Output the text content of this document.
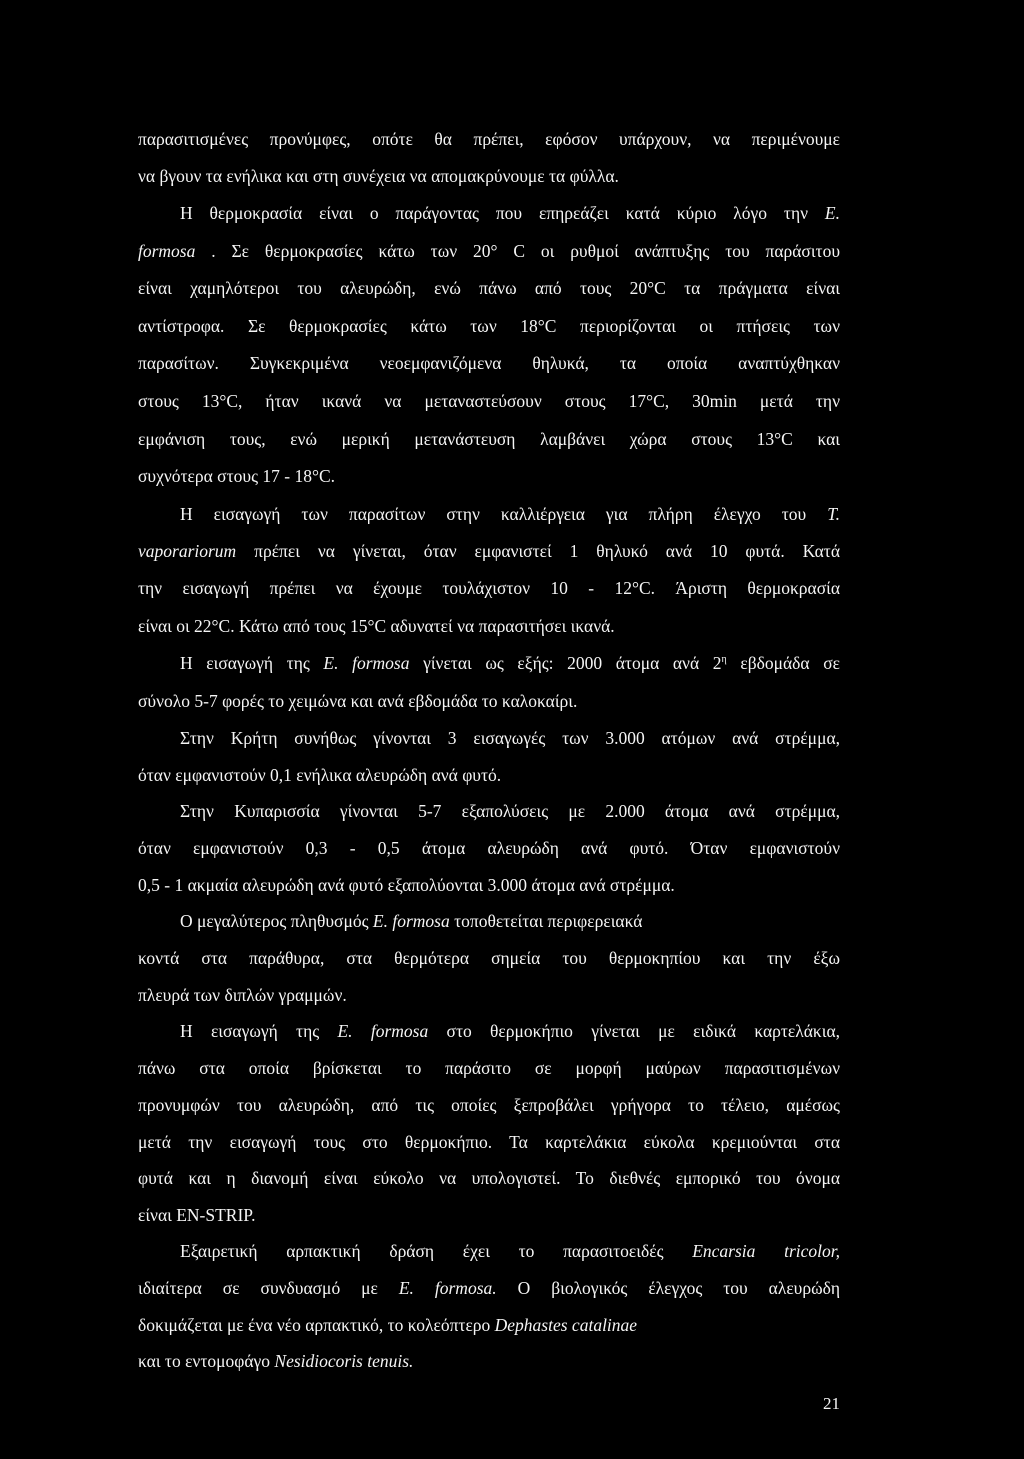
παρασιτισμένες προνύμφες, οπότε θα πρέπει, εφόσον υπάρχουν, να περιμένουμε
να βγουν τα ενήλικα και στη συνέχεια να απομακρύνουμε τα φύλλα.
Η θερμοκρασία είναι ο παράγοντας που επηρεάζει κατά κύριο λόγο την E.
formosa . Σε θερμοκρασίες κάτω των 20° C οι ρυθμοί ανάπτυξης του παράσιτου
είναι χαμηλότεροι του αλευρώδη, ενώ πάνω από τους 20°C τα πράγματα είναι
αντίστροφα. Σε θερμοκρασίες κάτω των 18°C περιορίζονται οι πτήσεις των
παρασίτων. Συγκεκριμένα νεοεμφανιζόμενα θηλυκά, τα οποία αναπτύχθηκαν
στους 13°C, ήταν ικανά να μεταναστεύσουν στους 17°C, 30min μετά την
εμφάνιση τους, ενώ μερική μετανάστευση λαμβάνει χώρα στους 13°C και
συχνότερα στους 17 - 18°C.
Η εισαγωγή των παρασίτων στην καλλιέργεια για πλήρη έλεγχο του T.
vaporariorum πρέπει να γίνεται, όταν εμφανιστεί 1 θηλυκό ανά 10 φυτά. Κατά
την εισαγωγή πρέπει να έχουμε τουλάχιστον 10 - 12°C. Άριστη θερμοκρασία
είναι οι 22°C. Κάτω από τους 15°C αδυνατεί να παρασιτήσει ικανά.
Η εισαγωγή της E. formosa γίνεται ως εξής: 2000 άτομα ανά $2^\eta$ εβδομάδα σε
σύνολο 5-7 φορές το χειμώνα και ανά εβδομάδα το καλοκαίρι.
Στην Κρήτη συνήθως γίνονται 3 εισαγωγές των 3.000 ατόμων ανά στρέμμα,
όταν εμφανιστούν 0,1 ενήλικα αλευρώδη ανά φυτό.
Στην Κυπαρισσία γίνονται 5-7 εξαπολύσεις με 2.000 άτομα ανά στρέμμα,
όταν εμφανιστούν 0,3 - 0,5 άτομα αλευρώδη ανά φυτό. Όταν εμφανιστούν
0,5 - 1 ακμαία αλευρώδη ανά φυτό εξαπολύονται 3.000 άτομα ανά στρέμμα.
Ο μεγαλύτερος πληθυσμός E. formosa τοποθετείται περιφερειακά
κοντά στα παράθυρα, στα θερμότερα σημεία του θερμοκηπίου και την έξω
πλευρά των διπλών γραμμών.
Η εισαγωγή της E. formosa στο θερμοκήπιο γίνεται με ειδικά καρτελάκια,
πάνω στα οποία βρίσκεται το παράσιτο σε μορφή μαύρων παρασιτισμένων
προνυμφών του αλευρώδη, από τις οποίες ξεπροβάλει γρήγορα το τέλειο, αμέσως
μετά την εισαγωγή τους στο θερμοκήπιο. Τα καρτελάκια εύκολα κρεμιούνται στα
φυτά και η διανομή είναι εύκολο να υπολογιστεί. Το διεθνές εμπορικό του όνομα
είναι EN-STRIP.
Εξαιρετική αρπακτική δράση έχει το παρασιτοειδές Encarsia tricolor,
ιδιαίτερα σε συνδυασμό με E. formosa. Ο βιολογικός έλεγχος του αλευρώδη
δοκιμάζεται με ένα νέο αρπακτικό, το κολεόπτερο Dephastes catalinae
και το εντομοφάγο Nesidiocoris tenuis.
21
